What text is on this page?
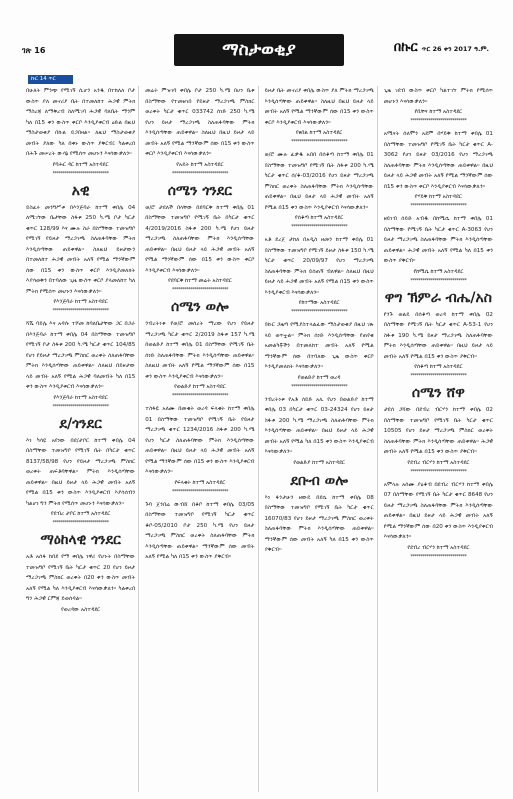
ገጽ 16	ማስታወቂያ	በኩር ጥር 26 ቀን 2017 ዓ.ም.
ኩር 14 ጥር
በሁለት ምንጭ የሚገኝ ሲሆን አንዱ በተከለለ ቦታ ውስጥ ያለ መኖሪያ ቤት በተመለከተ ሕጋዊ ምትክ ማስረጃ ለማቅረብ ስለሚገባ ሕጋዊ ባለቤት ማንም ካለ በ15 ቀን ውስጥ ቀርቦ እንዲያቀርብ ዕድል በዚህ ማስታወቂያ በኩል ይጋበዛል። ለዚህ ማስታወቂያ መብት ያለው ካለ በቀኑ ውስጥ ያቅርብ፤ ካልቀረበ በሕጉ መሠረት ውሳኔ የሚሰጥ መሆኑን እናሳውቃለን።
የባሕር ዳር ከተማ አስተዳደር
****************************
አዊ
ይስፈሩ መንግሥቱ በእንጅባራ ከተማ ቀበሌ 04 ለሚገኘው ቤታቸው ስፋቱ 250 ካ.ሜ ቦታ ካርታ ቁጥር 128/99 እና ሙሉ ስራ በስማቸው ተመዝግቦ የሚገኝ የይዞታ ማረጋገጫ ስለጠፋባቸው ምትክ እንዲሰጣቸው ጠይቀዋል። ስለዚህ ይዞታውን በተመለከተ ሕጋዊ መብት አለኝ የሚል ማንኛውም ሰው በ15 ቀን ውስጥ ቀርቦ እንዲያመለክት እያሳወቅን በተባለው ጊዜ ውስጥ ቀርቦ ያላመለከተ ካለ ምትክ የሚሰጥ መሆኑን እናሳውቃለን።
የእንጅባራ ከተማ አስተዳደር
****************************
ሻሼ ባይሌ እና አዳሱ ተሾመ ከባለቤታቸው ጋር በጋራ በእንጅባራ ከተማ ቀበሌ 04 በስማቸው ተመዝግቦ የሚገኝ ቦታ ስፋቱ 200 ካ.ሜ ካርታ ቁጥር 104/85 የሆነ የይዞታ ማረጋገጫ ምስክር ወረቀት ስለጠፋባቸው ምትክ እንዲሰጣቸው ጠይቀዋል። ስለዚህ በይዞታው ላይ መብት አለኝ የሚል ሕጋዊ ባለመብት ካለ በ15 ቀን ውስጥ እንዲያቀርብ እናሳውቃለን።
የእንጅባራ ከተማ አስተዳደር
****************************
ደ/ጎንደር
እነ ካሳዬ አየነው በደ/ታቦር ከተማ ቀበሌ 04 በስማቸው ተመዝግቦ የሚገኝ ቤት በካርታ ቁጥር 8137/58/98 የሆነ የይዞታ ማረጋገጫ ምስክር ወረቀት ጠፍቶባቸዋል። ምትክ እንዲሰጣቸው ጠይቀዋል። በዚህ ይዞታ ላይ ሕጋዊ መብት አለኝ የሚል በ15 ቀን ውስጥ እንዲያቀርብ እያሳሰብን ካልሆነ ግን ምትክ የሚሰጥ መሆኑን እናሳውቃለን።
የደብረ ታቦር ከተማ አስተዳደር
****************************
ማዕከላዊ ጎንደር
አቶ አሰፋ ከበደ የማ ቀበሌ ነዋሪ የሆኑት በስማቸው ተመዝግቦ የሚገኝ ቤት ካርታ ቁጥር 20 የሆነ ይዞታ ማረጋገጫ ምስክር ወረቀት በ20 ቀን ውስጥ መብት አለኝ የሚል ካለ እንዲያቀርብ እናሳውቃለን። ካልቀረበ ግን ሕጋዊ ርምጃ ይወሰዳል።
የወረዳው አስተዳደር
መሬት ምዝገባ ቀበሌ ቦታ 250 ካ.ሜ በሆነ ቤቱ በስማቸው የተመዘገበ የይዞታ ማረጋገጫ ምስክር ወረቀት ካርታ ቁጥር 033742 ሰነድ 250 ካ.ሜ የሆነ ይዞታ ማረጋገጫ ስለጠፋባቸው ምትክ እንዲሰጣቸው ጠይቀዋል። ስለዚህ በዚህ ይዞታ ላይ መብት አለኝ የሚል ማንኛውም ሰው በ15 ቀን ውስጥ ቀርቦ እንዲያቀርብ እናሳውቃለን።
የአዴት ከተማ አስተዳደር
****************************
ሰሜን ጎንደር
ወ/ሮ ታደለች በላቸው በደባርቅ ከተማ ቀበሌ 01 በስማቸው ተመዝግቦ የሚገኝ ቤት በካርታ ቁጥር 4/2019/2016 ስፋቱ 200 ካ.ሜ የሆነ ይዞታ ማረጋገጫ ስለጠፋባቸው ምትክ እንዲሰጣቸው ጠይቀዋል። በዚህ ይዞታ ላይ ሕጋዊ መብት አለኝ የሚል ማንኛውም ሰው በ15 ቀን ውስጥ ቀርቦ እንዲያቀርብ እናሳውቃለን።
የደባርቅ ከተማ መሬት አስተዳደር
****************************
ሰሜን ወሎ
ንብረትነቱ የወ/ሮ መሰረት ማረው የሆነ የይዞታ ማረጋገጫ ካርታ ቁጥር 2/2019 ስፋቱ 157 ካ.ሜ በወልድያ ከተማ ቀበሌ 01 በስማቸው የሚገኝ ቤት ሰነድ ስለጠፋባቸው ምትክ እንዲሰጣቸው ጠይቀዋል። ስለዚህ መብት አለኝ የሚል ማንኛውም ሰው በ15 ቀን ውስጥ እንዲያቀርብ እናሳውቃለን።
የወልድያ ከተማ አስተዳደር
****************************
ተስፋዬ አለሙ በመቄት ወረዳ ፍላቂት ከተማ ቀበሌ 01 በስማቸው ተመዝግቦ የሚገኝ ቤት የይዞታ ማረጋገጫ ቁጥር 1234/2016 ስፋቱ 200 ካ.ሜ የሆነ ካርታ ስለጠፋባቸው ምትክ እንዲሰጣቸው ጠይቀዋል። በዚህ ይዞታ ላይ ሕጋዊ መብት አለኝ የሚል ማንኛውም ሰው በ15 ቀን ውስጥ እንዲያቀርብ እናሳውቃለን።
የፍላቂት ከተማ አስተዳደር
****************************
ጉባ ጀንበሬ ውብሸ በቆቦ ከተማ ቀበሌ 03/05 በስማቸው ተመዝግቦ የሚገኝ ካርታ ቁጥር ቆቦ-05/2010 ቦታ 250 ካ.ሜ የሆነ ይዞታ ማረጋገጫ ምስክር ወረቀት ስለጠፋባቸው ምትክ እንዲሰጣቸው ጠይቀዋል። ማንኛውም ሰው መብት አለኝ የሚል ካለ በ15 ቀን ውስጥ ያቅርብ።
ይዞታ ቤት መኖሪያ ቀበሌ ውስጥ ያለ ምትክ ማረጋገጫ እንዲሰጣቸው ጠይቀዋል። ስለዚህ በዚህ ይዞታ ላይ መብት አለኝ የሚል ማንኛውም ሰው በ15 ቀን ውስጥ ቀርቦ እንዲያቀርብ እናሳውቃለን።
የፀበል ከተማ አስተዳደር
****************************
ወ/ሮ ሙሉ ፈቃዱ አበበ በሰቆጣ ከተማ ቀበሌ 01 በስማቸው ተመዝግቦ የሚገኝ ቤት ስፋቱ 200 ካ.ሜ ካርታ ቁጥር ሰ/ቆ-03/2016 የሆነ ይዞታ ማረጋገጫ ምስክር ወረቀት ስለጠፋባቸው ምትክ እንዲሰጣቸው ጠይቀዋል። በዚህ ይዞታ ላይ ሕጋዊ መብት አለኝ የሚል በ15 ቀን ውስጥ እንዲያቀርብ እናሳውቃለን።
የሰቆጣ ከተማ አስተዳደር
****************************
አቶ ደረጀ ታከለ በአዲስ ዘመን ከተማ ቀበሌ 01 በስማቸው ተመዝግቦ የሚገኝ ይዞታ ስፋቱ 150 ካ.ሜ ካርታ ቁጥር 20/09/97 የሆነ ማረጋገጫ ስለጠፋባቸው ምትክ ይሰጠኝ ብለዋል። ስለዚህ በዚህ ይዞታ ላይ ሕጋዊ መብት አለኝ የሚል በ15 ቀን ውስጥ እንዲያቀርብ እናሳውቃለን።
የከተማው አስተዳደር
****************************
በኩር ጋዜጣ የሚያስተላልፈው ማስታወቂያ በዚህ ገጽ ላይ ወጥቷል። ምትክ ሰነድ እንዲሰጣቸው የጠየቁ አመልካቾችን በተመለከተ መብት አለኝ የሚል ማንኛውም ሰው በተባለው ጊዜ ውስጥ ቀርቦ እንዲያመለክት እናሳውቃለን።
የወልድያ ከተማ ወረዳ
****************************
ንብረትነቱ የአቶ ሰይድ አሊ የሆነ በወልድያ ከተማ ቀበሌ 03 በካርታ ቁጥር 03-24324 የሆነ ይዞታ ስፋቱ 200 ካ.ሜ ማረጋገጫ ስለጠፋባቸው ምትክ እንዲሰጣቸው ጠይቀዋል። በዚህ ይዞታ ላይ ሕጋዊ መብት አለኝ የሚል ካለ በ15 ቀን ውስጥ እንዲያቀርብ እናሳውቃለን።
የወልድያ ከተማ አስተዳደር
ደቡብ ወሎ
እነ ፋንታሁን ዘውዴ በደሴ ከተማ ቀበሌ 08 በስማቸው ተመዝግቦ የሚገኝ ቤት ካርታ ቁጥር 16070/83 የሆነ ይዞታ ማረጋገጫ ምስክር ወረቀት ስለጠፋባቸው ምትክ እንዲሰጣቸው ጠይቀዋል። ማንኛውም ሰው መብት አለኝ ካለ በ15 ቀን ውስጥ ያቅርብ።
ጊዜ ገደብ ውስጥ ቀርቦ ካልተገኘ ምትክ የሚሰጥ መሆኑን እናሳውቃለን።
የቢቸና ከተማ አስተዳደር
****************************
አሚናት ሰለሞን አደም በሃይቅ ከተማ ቀበሌ 01 በስማቸው ተመዝግቦ የሚገኝ ቤት ካርታ ቁጥር A-3062 የሆነ ይዞታ 03/2016 የሆነ ማረጋገጫ ስለጠፋባቸው ምትክ እንዲሰጣቸው ጠይቀዋል። በዚህ ይዞታ ላይ ሕጋዊ መብት አለኝ የሚል ማንኛውም ሰው በ15 ቀን ውስጥ ቀርቦ እንዲያቀርብ እናሳውቃለን።
የሃይቅ ከተማ አስተዳደር
****************************
ዘይነብ ሰይድ አብዱ በከሚሴ ከተማ ቀበሌ 01 በስማቸው የሚገኝ ቤት ካርታ ቁጥር A-3063 የሆነ ይዞታ ማረጋገጫ ስለጠፋባቸው ምትክ እንዲሰጣቸው ጠይቀዋል። ሕጋዊ መብት አለኝ የሚል ካለ በ15 ቀን ውስጥ ያቅርብ።
የከሚሴ ከተማ አስተዳደር
****************************
ዋግ ኽምራ ብሔ/አስ
የንጉ ወልዴ በሰቆጣ ወረዳ ከተማ ቀበሌ 02 በስማቸው የሚገኝ ቤት ካርታ ቁጥር A-53-1 የሆነ ስፋቱ 190 ካ.ሜ ይዞታ ማረጋገጫ ስለጠፋባቸው ምትክ እንዲሰጣቸው ጠይቀዋል። በዚህ ይዞታ ላይ መብት አለኝ የሚል በ15 ቀን ውስጥ ያቅርብ።
የሰቆጣ ከተማ አስተዳደር
****************************
ሰሜን ሸዋ
ታደሰ ጋሻው በደብረ ብርሃን ከተማ ቀበሌ 02 በስማቸው ተመዝግቦ የሚገኝ ቤት ካርታ ቁጥር 10505 የሆነ ይዞታ ማረጋገጫ ምስክር ወረቀት ስለጠፋባቸው ምትክ እንዲሰጣቸው ጠይቀዋል። ሕጋዊ መብት አለኝ የሚል በ15 ቀን ውስጥ ያቅርብ።
የደብረ ብርሃን ከተማ አስተዳደር
****************************
አሞላሉ አሰሙ ያዕቆብ በደብረ ብርሃን ከተማ ቀበሌ 07 በስማቸው የሚገኝ ቤት ካርታ ቁጥር 8648 የሆነ ይዞታ ማረጋገጫ ስለጠፋባቸው ምትክ እንዲሰጣቸው ጠይቀዋል። በዚህ ይዞታ ላይ ሕጋዊ መብት አለኝ የሚል ማንኛውም ሰው በ20 ቀን ውስጥ እንዲያቀርብ እናሳውቃለን።
የደብረ ብርሃን ከተማ አስተዳደር
****************************
